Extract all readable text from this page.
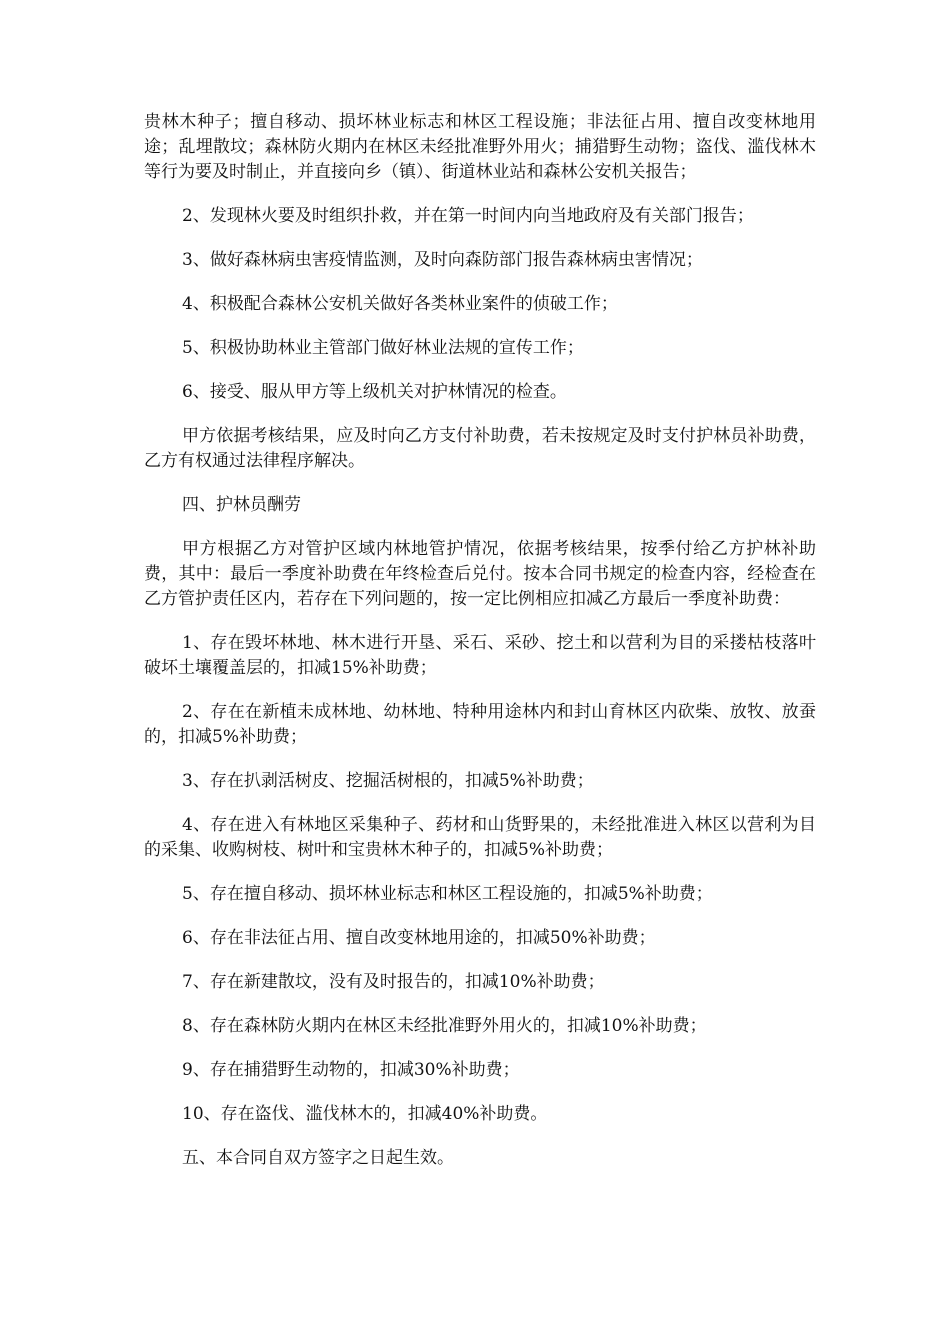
贵林木种子；擅自移动、损坏林业标志和林区工程设施；非法征占用、擅自改变林地用途；乱埋散坟；森林防火期内在林区未经批准野外用火；捕猎野生动物；盗伐、滥伐林木等行为要及时制止，并直接向乡（镇）、街道林业站和森林公安机关报告；

2、发现林火要及时组织扑救，并在第一时间内向当地政府及有关部门报告；

3、做好森林病虫害疫情监测，及时向森防部门报告森林病虫害情况；

4、积极配合森林公安机关做好各类林业案件的侦破工作；

5、积极协助林业主管部门做好林业法规的宣传工作；

6、接受、服从甲方等上级机关对护林情况的检查。

甲方依据考核结果，应及时向乙方支付补助费，若未按规定及时支付护林员补助费，乙方有权通过法律程序解决。

四、护林员酬劳

甲方根据乙方对管护区域内林地管护情况，依据考核结果，按季付给乙方护林补助费，其中：最后一季度补助费在年终检查后兑付。按本合同书规定的检查内容，经检查在乙方管护责任区内，若存在下列问题的，按一定比例相应扣减乙方最后一季度补助费：

1、存在毁坏林地、林木进行开垦、采石、采砂、挖土和以营利为目的采搂枯枝落叶破坏土壤覆盖层的，扣减15%补助费；

2、存在在新植未成林地、幼林地、特种用途林内和封山育林区内砍柴、放牧、放蚕的，扣减5%补助费；

3、存在扒剥活树皮、挖掘活树根的，扣减5%补助费；

4、存在进入有林地区采集种子、药材和山货野果的，未经批准进入林区以营利为目的采集、收购树枝、树叶和宝贵林木种子的，扣减5%补助费；

5、存在擅自移动、损坏林业标志和林区工程设施的，扣减5%补助费；

6、存在非法征占用、擅自改变林地用途的，扣减50%补助费；

7、存在新建散坟，没有及时报告的，扣减10%补助费；

8、存在森林防火期内在林区未经批准野外用火的，扣减10%补助费；

9、存在捕猎野生动物的，扣减30%补助费；

10、存在盗伐、滥伐林木的，扣减40%补助费。

五、本合同自双方签字之日起生效。
